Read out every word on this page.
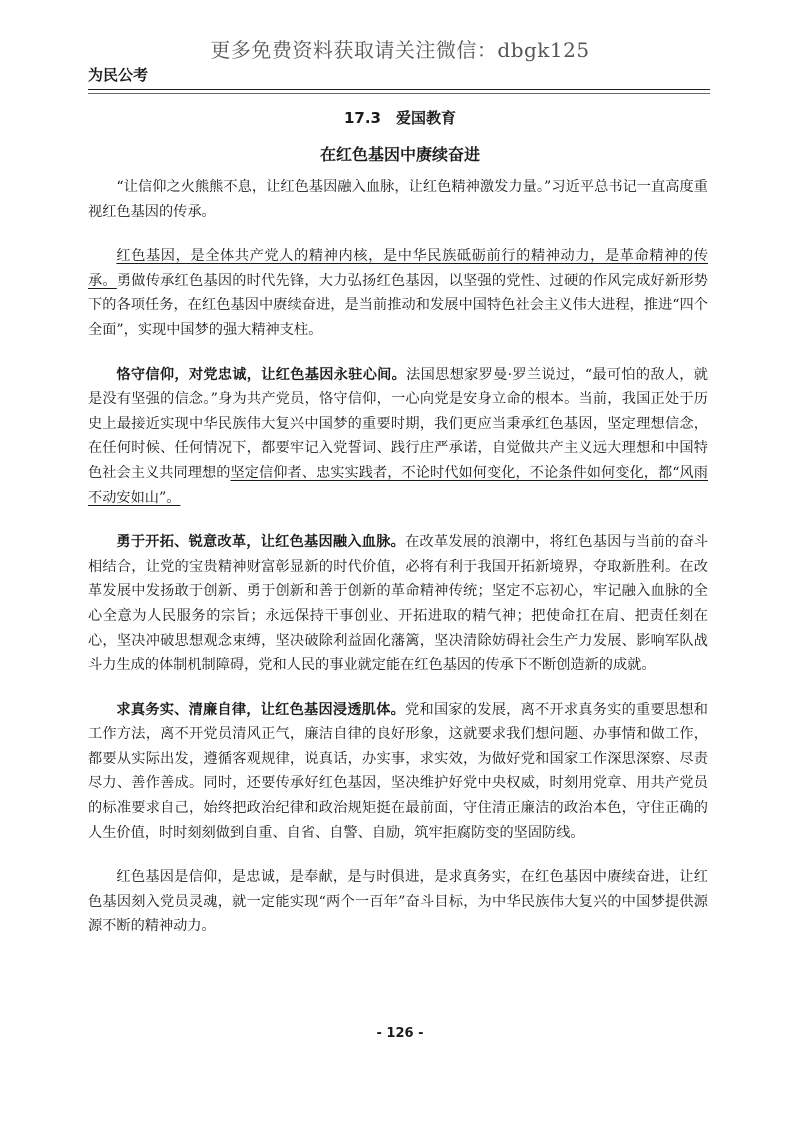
更多免费资料获取请关注微信：dbgk125
为民公考
17.3　爱国教育
在红色基因中赓续奋进

“让信仰之火熊熊不息，让红色基因融入血脉，让红色精神激发力量。”习近平总书记一直高度重视红色基因的传承。

红色基因，是全体共产党人的精神内核，是中华民族砥砺前行的精神动力，是革命精神的传承。勇做传承红色基因的时代先锋，大力弘扬红色基因，以坚强的党性、过硬的作风完成好新形势下的各项任务，在红色基因中赓续奋进，是当前推动和发展中国特色社会主义伟大进程，推进“四个全面”，实现中国梦的强大精神支柱。

恪守信仰，对党忠诚，让红色基因永驻心间。法国思想家罗曼·罗兰说过，“最可怕的敌人，就是没有坚强的信念。”身为共产党员，恪守信仰，一心向党是安身立命的根本。当前，我国正处于历史上最接近实现中华民族伟大复兴中国梦的重要时期，我们更应当秉承红色基因，坚定理想信念，在任何时候、任何情况下，都要牢记入党誓词、践行庄严承诺，自觉做共产主义远大理想和中国特色社会主义共同理想的坚定信仰者、忠实实践者，不论时代如何变化，不论条件如何变化，都“风雨不动安如山”。

勇于开拓、锐意改革，让红色基因融入血脉。在改革发展的浪潮中，将红色基因与当前的奋斗相结合，让党的宝贵精神财富彰显新的时代价值，必将有利于我国开拓新境界，夺取新胜利。在改革发展中发扬敢于创新、勇于创新和善于创新的革命精神传统；坚定不忘初心，牢记融入血脉的全心全意为人民服务的宗旨；永远保持干事创业、开拓进取的精气神；把使命扛在肩、把责任刻在心，坚决冲破思想观念束缚，坚决破除利益固化藩篱，坚决清除妨碍社会生产力发展、影响军队战斗力生成的体制机制障碍，党和人民的事业就定能在红色基因的传承下不断创造新的成就。

求真务实、清廉自律，让红色基因浸透肌体。党和国家的发展，离不开求真务实的重要思想和工作方法，离不开党员清风正气，廉洁自律的良好形象，这就要求我们想问题、办事情和做工作，都要从实际出发，遵循客观规律，说真话，办实事，求实效，为做好党和国家工作深思深察、尽责尽力、善作善成。同时，还要传承好红色基因，坚决维护好党中央权威，时刻用党章、用共产党员的标准要求自己，始终把政治纪律和政治规矩挺在最前面，守住清正廉洁的政治本色，守住正确的人生价值，时时刻刻做到自重、自省、自警、自励，筑牢拒腐防变的坚固防线。

红色基因是信仰，是忠诚，是奉献，是与时俱进，是求真务实，在红色基因中赓续奋进，让红色基因刻入党员灵魂，就一定能实现“两个一百年”奋斗目标，为中华民族伟大复兴的中国梦提供源源不断的精神动力。

- 126 -
